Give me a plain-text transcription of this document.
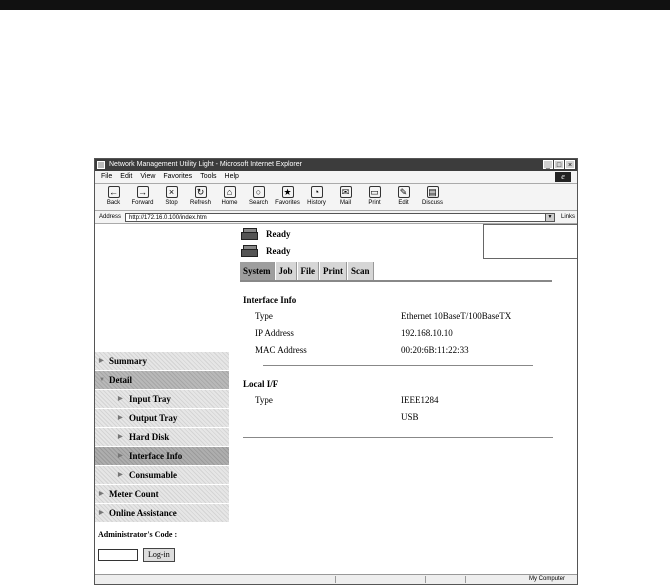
Network Management Utility Light - Microsoft Internet Explorer	_ □ ×
File Edit View Favorites Tools Help	e
←
Back
→
Forward
×
Stop
↻
Refresh
⌂
Home
○
Search
★
Favorites
◔
History
✉
Mail
▭
Print
✎
Edit
▤
Discuss
Address	http://172.16.0.100/index.htm	▼ Links
▶ Summary
▼ Detail
▶ Input Tray
▶ Output Tray
▶ Hard Disk
▶ Interface Info
▶ Consumable
▶ Meter Count
▶ Online Assistance
Administrator's Code :
Log-in
Ready
Ready
System Job File Print Scan
Interface Info
Type	Ethernet 10BaseT/100BaseTX
IP Address	192.168.10.10
MAC Address	00:20:6B:11:22:33
Local I/F
Type	IEEE1284
USB
My Computer
